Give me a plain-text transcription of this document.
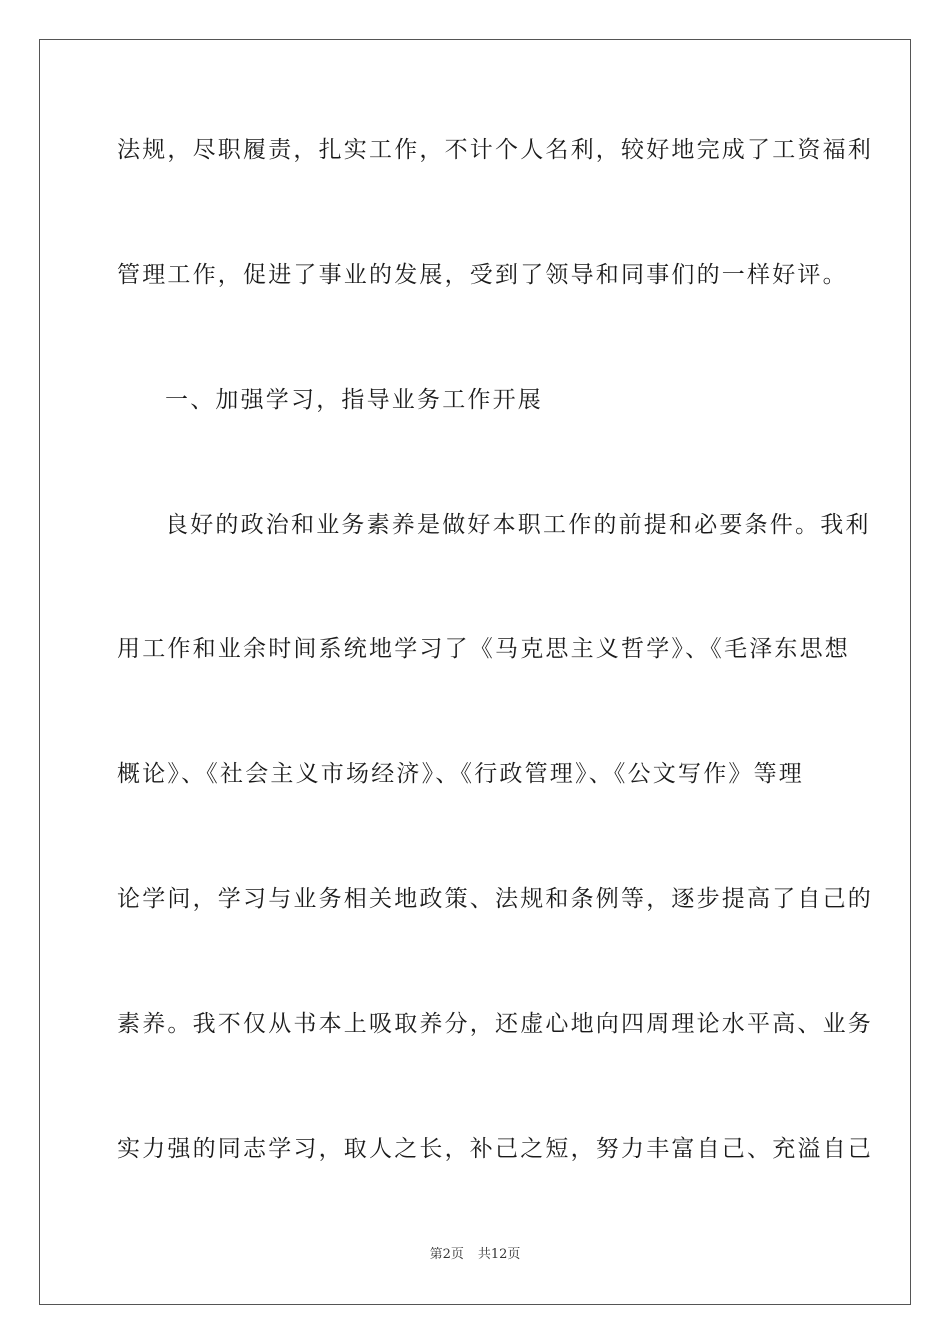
法规，尽职履责，扎实工作，不计个人名利，较好地完成了工资福利
管理工作，促进了事业的发展，受到了领导和同事们的一样好评。
一、加强学习，指导业务工作开展
良好的政治和业务素养是做好本职工作的前提和必要条件。我利
用工作和业余时间系统地学习了《马克思主义哲学》、《毛泽东思想
概论》、《社会主义市场经济》、《行政管理》、《公文写作》等理
论学问，学习与业务相关地政策、法规和条例等，逐步提高了自己的
素养。我不仅从书本上吸取养分，还虚心地向四周理论水平高、业务
实力强的同志学习，取人之长，补己之短，努力丰富自己、充溢自己
第2页 共12页
